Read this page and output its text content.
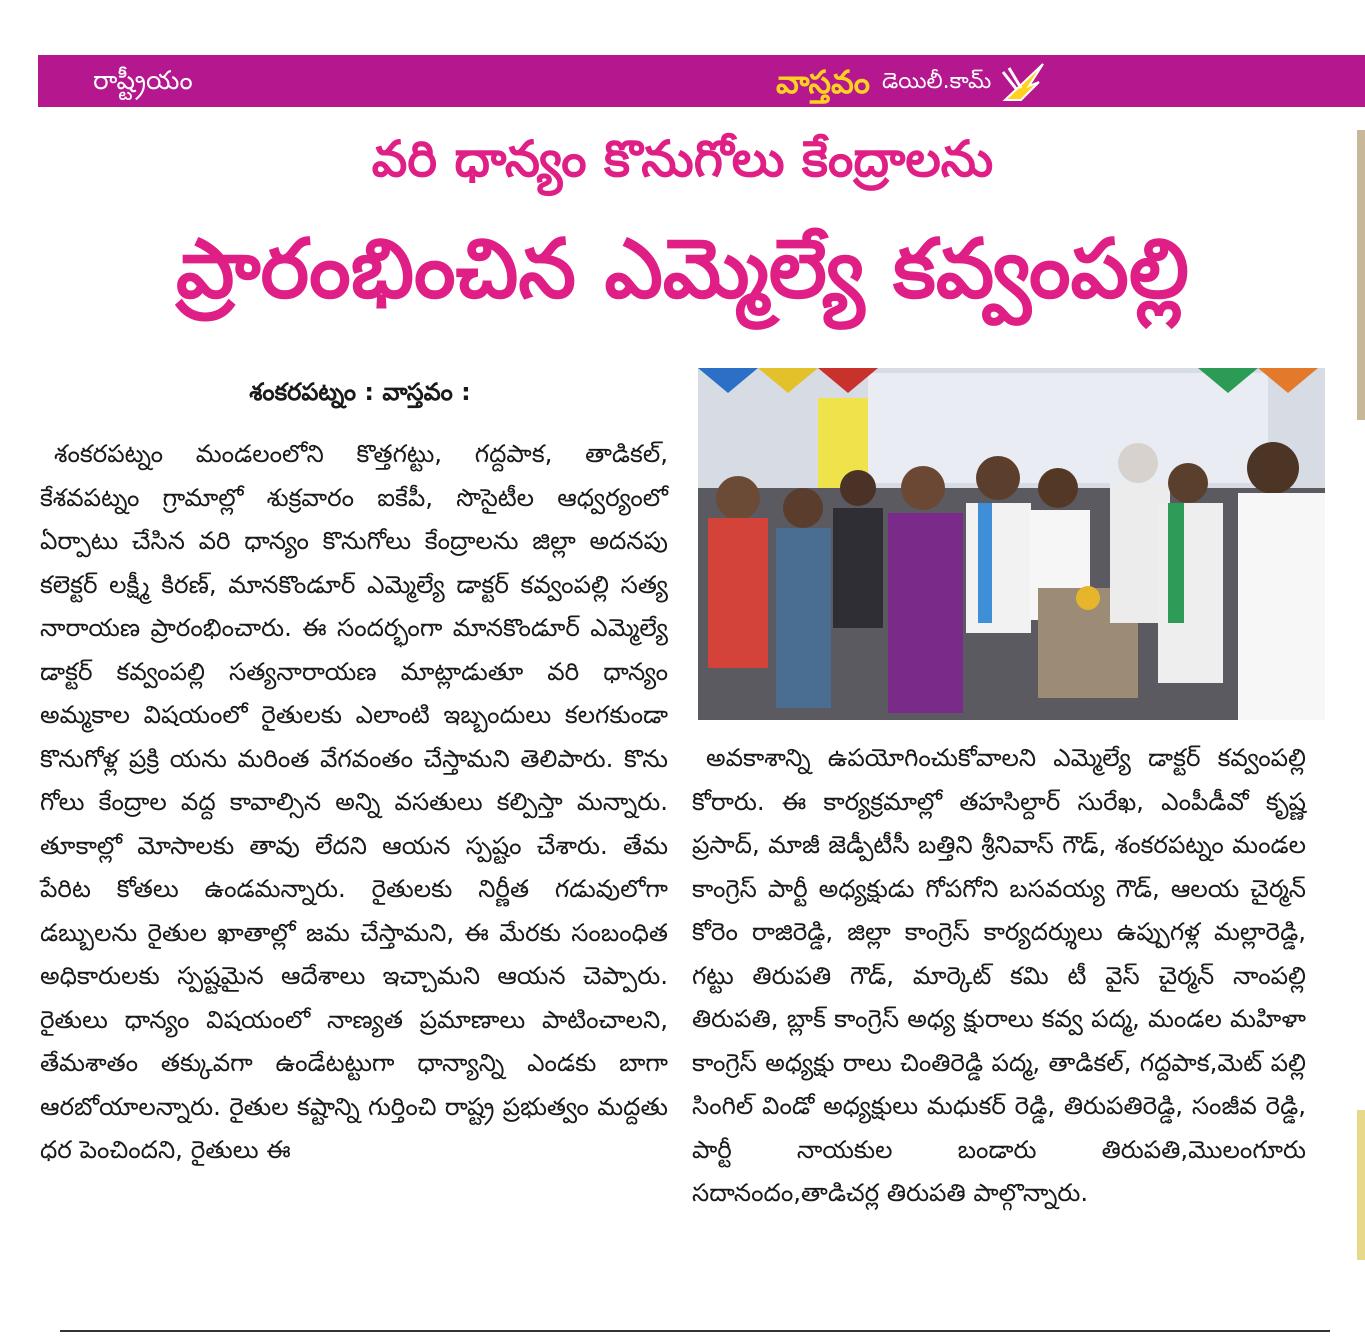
రాష్ట్రీయం	వాస్తవం డెయిలీ.కామ్
వరి ధాన్యం కొనుగోలు కేంద్రాలను
ప్రారంభించిన ఎమ్మెల్యే కవ్వంపల్లి
శంకరపట్నం : వాస్తవం :

శంకరపట్నం మండలంలోని కొత్తగట్టు, గద్దపాక, తాడికల్, కేశవపట్నం గ్రామాల్లో శుక్రవారం ఐకేపీ, సొసైటీల ఆధ్వర్యంలో ఏర్పాటు చేసిన వరి ధాన్యం కొనుగోలు కేంద్రాలను జిల్లా అదనపు కలెక్టర్ లక్ష్మీ కిరణ్, మానకొండూర్ ఎమ్మెల్యే డాక్టర్ కవ్వంపల్లి సత్య నారాయణ ప్రారంభించారు. ఈ సందర్భంగా మానకొండూర్ ఎమ్మెల్యే డాక్టర్ కవ్వంపల్లి సత్యనారాయణ మాట్లాడుతూ వరి ధాన్యం అమ్మకాల విషయంలో రైతులకు ఎలాంటి ఇబ్బందులు కలగకుండా కొనుగోళ్ల ప్రక్రి యను మరింత వేగవంతం చేస్తామని తెలిపారు. కొను గోలు కేంద్రాల వద్ద కావాల్సిన అన్ని వసతులు కల్పిస్తా మన్నారు. తూకాల్లో మోసాలకు తావు లేదని ఆయన స్పష్టం చేశారు. తేమ పేరిట కోతలు ఉండమన్నారు. రైతులకు నిర్ణీత గడువులోగా డబ్బులను రైతుల ఖాతాల్లో జమ చేస్తామని, ఈ మేరకు సంబంధిత అధికారులకు స్పష్టమైన ఆదేశాలు ఇచ్చామని ఆయన చెప్పారు. రైతులు ధాన్యం విషయంలో నాణ్యత ప్రమాణాలు పాటించాలని, తేమశాతం తక్కువగా ఉండేటట్టుగా ధాన్యాన్ని ఎండకు బాగా ఆరబోయాలన్నారు. రైతుల కష్టాన్ని గుర్తించి రాష్ట్ర ప్రభుత్వం మద్దతు ధర పెంచిందని, రైతులు ఈ

అవకాశాన్ని ఉపయోగించుకోవాలని ఎమ్మెల్యే డాక్టర్ కవ్వంపల్లి కోరారు. ఈ కార్యక్రమాల్లో తహసిల్దార్ సురేఖ, ఎంపీడీవో కృష్ణ ప్రసాద్, మాజీ జెడ్పీటీసీ బత్తిని శ్రీనివాస్ గౌడ్, శంకరపట్నం మండల కాంగ్రెస్ పార్టీ అధ్యక్షుడు గోపగోని బసవయ్య గౌడ్, ఆలయ చైర్మన్ కోరెం రాజిరెడ్డి, జిల్లా కాంగ్రెస్ కార్యదర్శులు ఉప్పుగళ్ల మల్లారెడ్డి, గట్టు తిరుపతి గౌడ్, మార్కెట్ కమి టీ వైస్ చైర్మన్ నాంపల్లి తిరుపతి, బ్లాక్ కాంగ్రెస్ అధ్య క్షురాలు కవ్వ పద్మ, మండల మహిళా కాంగ్రెస్ అధ్యక్షు రాలు చింతిరెడ్డి పద్మ, తాడికల్, గద్దపాక,మెట్ పల్లి సింగిల్ విండో అధ్యక్షులు మధుకర్ రెడ్డి, తిరుపతిరెడ్డి, సంజీవ రెడ్డి, పార్టీ నాయకుల బండారు తిరుపతి,మొలంగూరు సదానందం,తాడిచర్ల తిరుపతి పాల్గొన్నారు.
